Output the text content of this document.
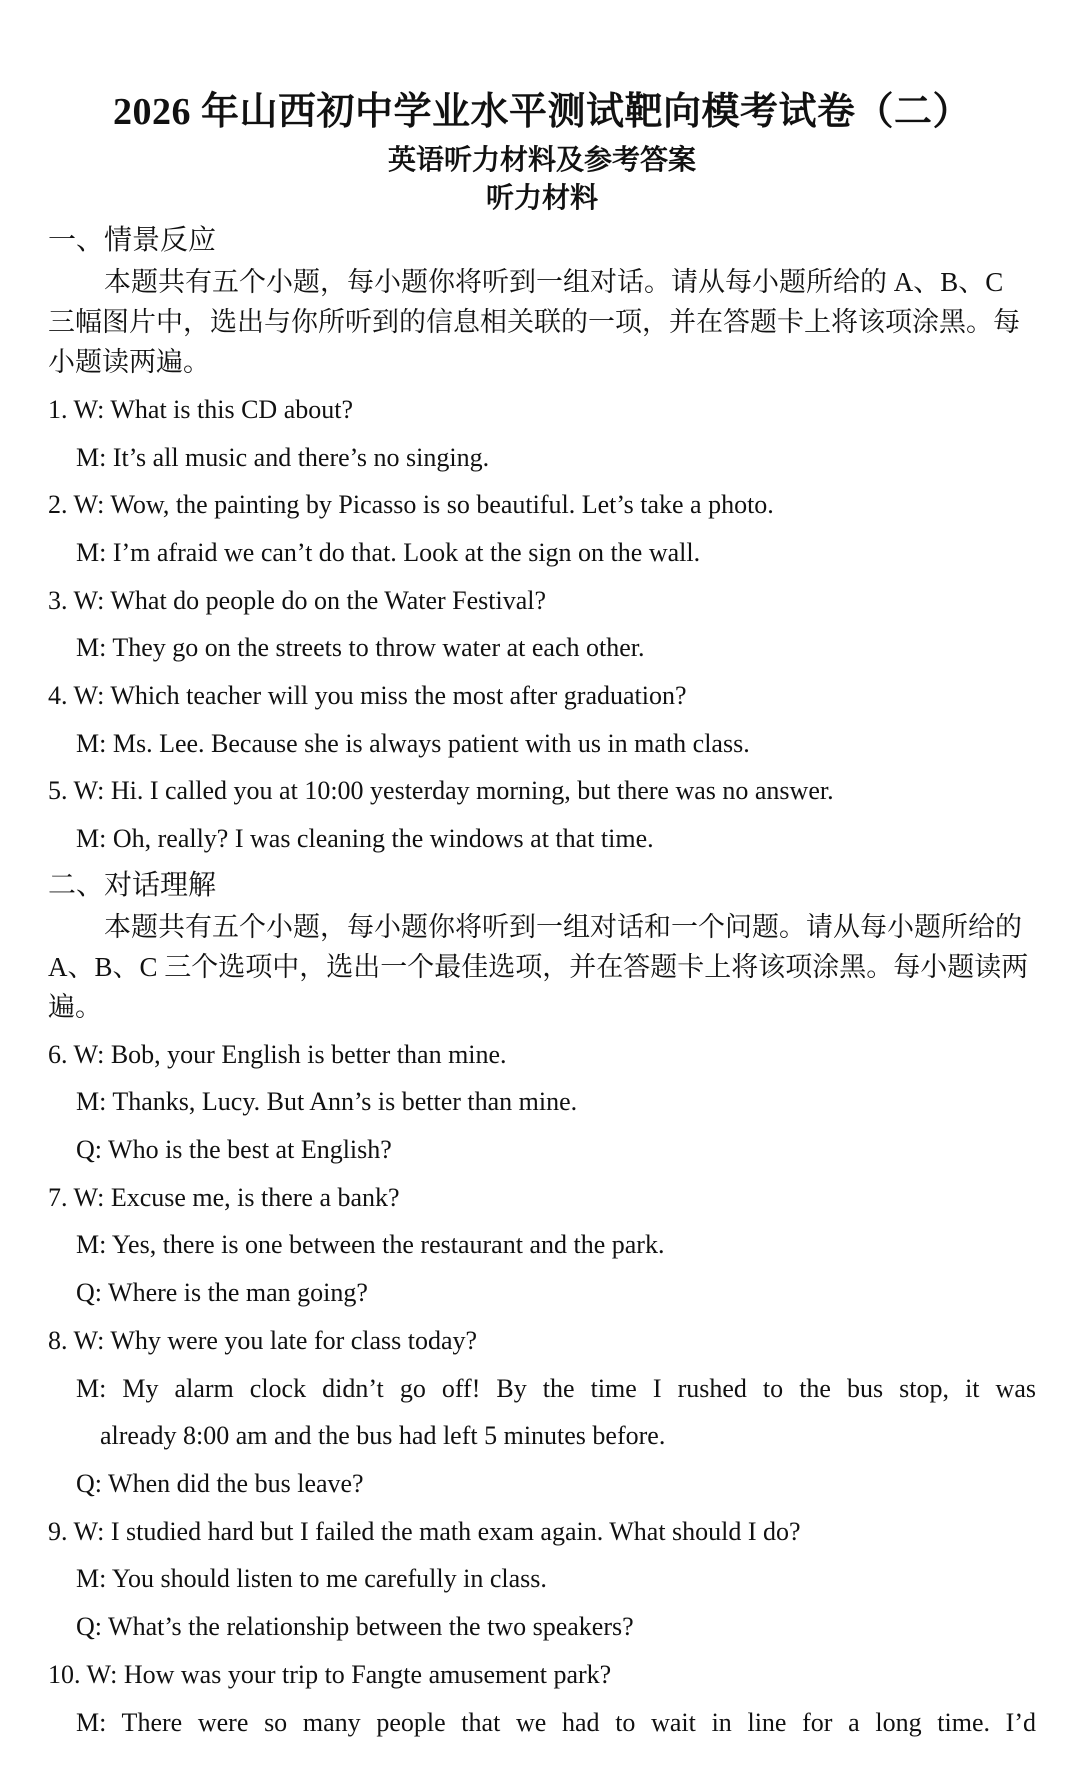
2026 年山西初中学业水平测试靶向模考试卷（二）
英语听力材料及参考答案
听力材料
一、情景反应
本题共有五个小题，每小题你将听到一组对话。请从每小题所给的 A、B、C 三幅图片中，选出与你所听到的信息相关联的一项，并在答题卡上将该项涂黑。每小题读两遍。
1. W: What is this CD about?
M: It’s all music and there’s no singing.
2. W: Wow, the painting by Picasso is so beautiful. Let’s take a photo.
M: I’m afraid we can’t do that. Look at the sign on the wall.
3. W: What do people do on the Water Festival?
M: They go on the streets to throw water at each other.
4. W: Which teacher will you miss the most after graduation?
M: Ms. Lee. Because she is always patient with us in math class.
5. W: Hi. I called you at 10:00 yesterday morning, but there was no answer.
M: Oh, really? I was cleaning the windows at that time.
二、对话理解
本题共有五个小题，每小题你将听到一组对话和一个问题。请从每小题所给的 A、B、C 三个选项中，选出一个最佳选项，并在答题卡上将该项涂黑。每小题读两遍。
6. W: Bob, your English is better than mine.
M: Thanks, Lucy. But Ann’s is better than mine.
Q: Who is the best at English?
7. W: Excuse me, is there a bank?
M: Yes, there is one between the restaurant and the park.
Q: Where is the man going?
8. W: Why were you late for class today?
M: My alarm clock didn’t go off! By the time I rushed to the bus stop, it was
already 8:00 am and the bus had left 5 minutes before.
Q: When did the bus leave?
9. W: I studied hard but I failed the math exam again. What should I do?
M: You should listen to me carefully in class.
Q: What’s the relationship between the two speakers?
10. W: How was your trip to Fangte amusement park?
M: There were so many people that we had to wait in line for a long time. I’d
